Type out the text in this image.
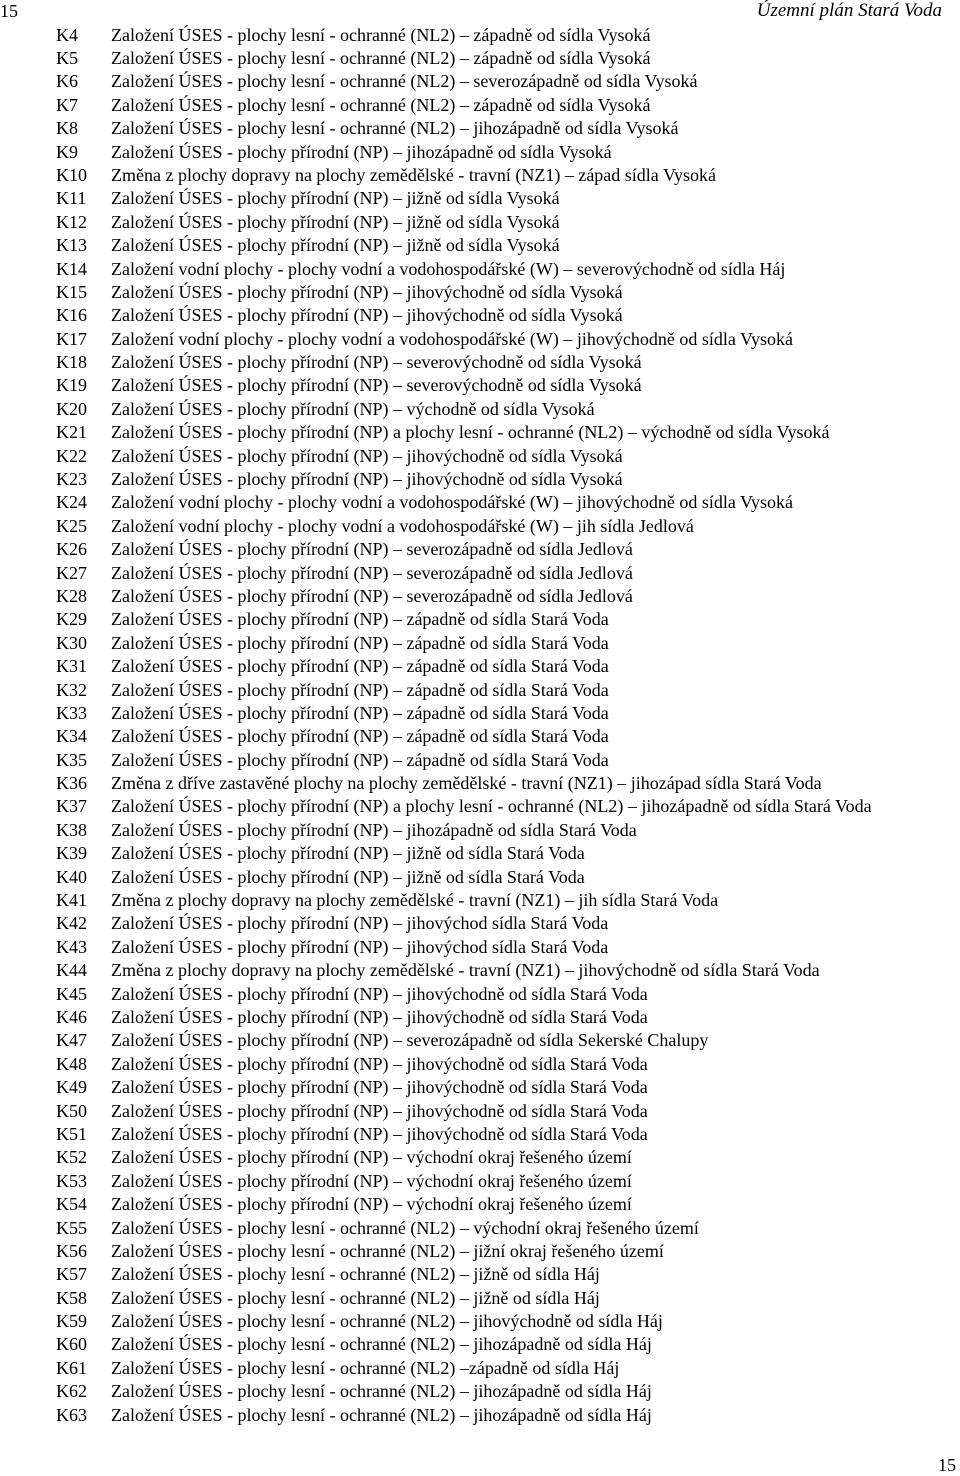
15	Územní plán Stará Voda
K4 Založení ÚSES - plochy lesní - ochranné (NL2) – západně od sídla Vysoká
K5 Založení ÚSES - plochy lesní - ochranné (NL2) – západně od sídla Vysoká
K6 Založení ÚSES - plochy lesní - ochranné (NL2) – severozápadně od sídla Vysoká
K7 Založení ÚSES - plochy lesní - ochranné (NL2) – západně od sídla Vysoká
K8 Založení ÚSES - plochy lesní - ochranné (NL2) – jihozápadně od sídla Vysoká
K9 Založení ÚSES - plochy přírodní (NP) – jihozápadně od sídla Vysoká
K10 Změna z plochy dopravy na plochy zemědělské - travní (NZ1) – západ sídla Vysoká
K11 Založení ÚSES - plochy přírodní (NP) – jižně od sídla Vysoká
K12 Založení ÚSES - plochy přírodní (NP) – jižně od sídla Vysoká
K13 Založení ÚSES - plochy přírodní (NP) – jižně od sídla Vysoká
K14 Založení vodní plochy - plochy vodní a vodohospodářské (W) – severovýchodně od sídla Háj
K15 Založení ÚSES - plochy přírodní (NP) – jihovýchodně od sídla Vysoká
K16 Založení ÚSES - plochy přírodní (NP) – jihovýchodně od sídla Vysoká
K17 Založení vodní plochy - plochy vodní a vodohospodářské (W) – jihovýchodně od sídla Vysoká
K18 Založení ÚSES - plochy přírodní (NP) – severovýchodně od sídla Vysoká
K19 Založení ÚSES - plochy přírodní (NP) – severovýchodně od sídla Vysoká
K20 Založení ÚSES - plochy přírodní (NP) – východně od sídla Vysoká
K21 Založení ÚSES - plochy přírodní (NP) a plochy lesní - ochranné (NL2) – východně od sídla Vysoká
K22 Založení ÚSES - plochy přírodní (NP) – jihovýchodně od sídla Vysoká
K23 Založení ÚSES - plochy přírodní (NP) – jihovýchodně od sídla Vysoká
K24 Založení vodní plochy - plochy vodní a vodohospodářské (W) – jihovýchodně od sídla Vysoká
K25 Založení vodní plochy - plochy vodní a vodohospodářské (W) – jih sídla Jedlová
K26 Založení ÚSES - plochy přírodní (NP) – severozápadně od sídla Jedlová
K27 Založení ÚSES - plochy přírodní (NP) – severozápadně od sídla Jedlová
K28 Založení ÚSES - plochy přírodní (NP) – severozápadně od sídla Jedlová
K29 Založení ÚSES - plochy přírodní (NP) – západně od sídla Stará Voda
K30 Založení ÚSES - plochy přírodní (NP) – západně od sídla Stará Voda
K31 Založení ÚSES - plochy přírodní (NP) – západně od sídla Stará Voda
K32 Založení ÚSES - plochy přírodní (NP) – západně od sídla Stará Voda
K33 Založení ÚSES - plochy přírodní (NP) – západně od sídla Stará Voda
K34 Založení ÚSES - plochy přírodní (NP) – západně od sídla Stará Voda
K35 Založení ÚSES - plochy přírodní (NP) – západně od sídla Stará Voda
K36 Změna z dříve zastavěné plochy na plochy zemědělské - travní (NZ1) – jihozápad sídla Stará Voda
K37 Založení ÚSES - plochy přírodní (NP) a plochy lesní - ochranné (NL2) – jihozápadně od sídla Stará Voda
K38 Založení ÚSES - plochy přírodní (NP) – jihozápadně od sídla Stará Voda
K39 Založení ÚSES - plochy přírodní (NP) – jižně od sídla Stará Voda
K40 Založení ÚSES - plochy přírodní (NP) – jižně od sídla Stará Voda
K41 Změna z plochy dopravy na plochy zemědělské - travní (NZ1) – jih sídla Stará Voda
K42 Založení ÚSES - plochy přírodní (NP) – jihovýchod sídla Stará Voda
K43 Založení ÚSES - plochy přírodní (NP) – jihovýchod sídla Stará Voda
K44 Změna z plochy dopravy na plochy zemědělské - travní (NZ1) – jihovýchodně od sídla Stará Voda
K45 Založení ÚSES - plochy přírodní (NP) – jihovýchodně od sídla Stará Voda
K46 Založení ÚSES - plochy přírodní (NP) – jihovýchodně od sídla Stará Voda
K47 Založení ÚSES - plochy přírodní (NP) – severozápadně od sídla Sekerské Chalupy
K48 Založení ÚSES - plochy přírodní (NP) – jihovýchodně od sídla Stará Voda
K49 Založení ÚSES - plochy přírodní (NP) – jihovýchodně od sídla Stará Voda
K50 Založení ÚSES - plochy přírodní (NP) – jihovýchodně od sídla Stará Voda
K51 Založení ÚSES - plochy přírodní (NP) – jihovýchodně od sídla Stará Voda
K52 Založení ÚSES - plochy přírodní (NP) – východní okraj řešeného území
K53 Založení ÚSES - plochy přírodní (NP) – východní okraj řešeného území
K54 Založení ÚSES - plochy přírodní (NP) – východní okraj řešeného území
K55 Založení ÚSES - plochy lesní - ochranné (NL2) – východní okraj řešeného území
K56 Založení ÚSES - plochy lesní - ochranné (NL2) – jižní okraj řešeného území
K57 Založení ÚSES - plochy lesní - ochranné (NL2) – jižně od sídla Háj
K58 Založení ÚSES - plochy lesní - ochranné (NL2) – jižně od sídla Háj
K59 Založení ÚSES - plochy lesní - ochranné (NL2) – jihovýchodně od sídla Háj
K60 Založení ÚSES - plochy lesní - ochranné (NL2) – jihozápadně od sídla Háj
K61 Založení ÚSES - plochy lesní - ochranné (NL2) –západně od sídla Háj
K62 Založení ÚSES - plochy lesní - ochranné (NL2) – jihozápadně od sídla Háj
K63 Založení ÚSES - plochy lesní - ochranné (NL2) – jihozápadně od sídla Háj
15
